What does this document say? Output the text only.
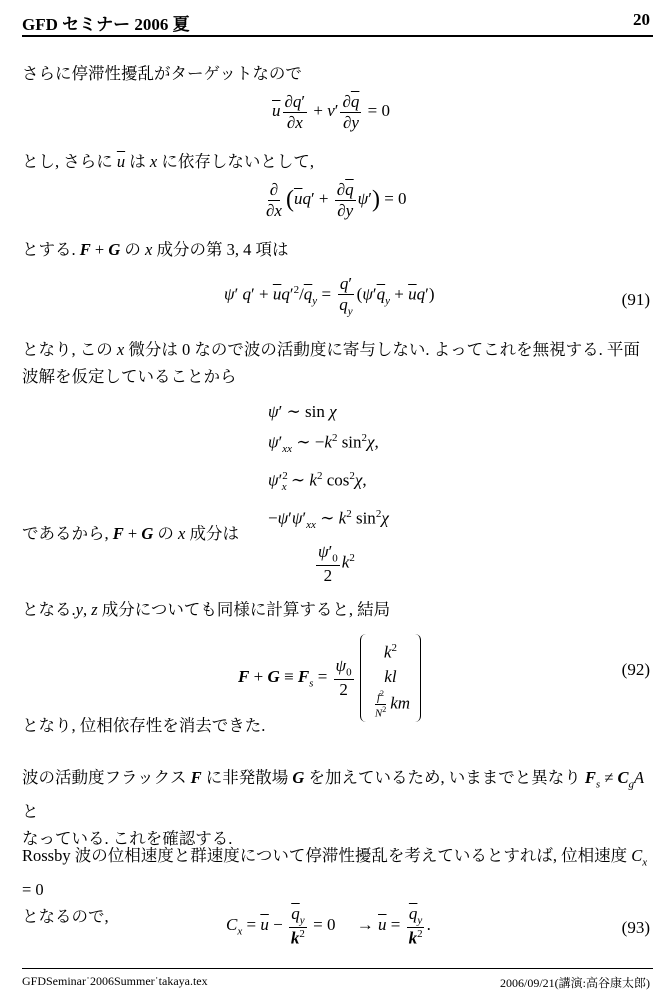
GFD セミナー 2006 夏	20
さらに停滞性擾乱がターゲットなので
$\overline{u} \frac{\partial q'}{\partial x} + v' \frac{\partial\overline{q}}{\partial y} = 0$
とし, さらに $\overline{u}$ は x に依存しないとして,
$\frac{\partial}{\partial x} (\overline{u}q' + \frac{\partial\overline{q}}{\partial y} \psi') = 0$
とする. F + G の x 成分の第 3, 4 項は
ψ′ $q' + \overline{u}q'^2/\overline{q}_y = \frac{q'}{\overline{q}_y} (\psi'\overline{q}_y + \overline{u}q')$	(91)
となり, この x 微分は 0 なので波の活動度に寄与しない. よってこれを無視する. 平面波解を仮定していることから
ψ′ ∼ sin χ
$\psi'_{xx}$ ∼ $-k^2$ $\sin^2\chi$,
$\psi'^2_x$ ∼ $k^2$ $\cos^2\chi$,
$-\psi'\psi'_{xx}$ ∼ $k^2$ $\sin^2\chi$
であるから, F + G の x 成分は
$\frac{\psi'_0}{2} k^2$
となる.y, z 成分についても同様に計算すると, 結局
$F + G \equiv F_s = \frac{\psi_0}{2}$

$k^2$
kl
$\frac{f^2}{N^2}$ km
(92)
となり, 位相依存性を消去できた.
波の活動度フラックス F に非発散場 G を加えているため, いままでと異なり $F_s \ne C_gA$ と
なっている. これを確認する.
Rossby 波の位相速度と群速度について停滞性擾乱を考えているとすれば, 位相速度 $C_x = 0$
となるので,	$C_x = \overline{u} - \frac{\overline{q}_y}{k^2} = 0$     → $\overline{u} = \frac{\overline{q}_y}{k^2}$ .	(93)
GFDSeminar˙2006Summer˙takaya.tex	2006/09/21(講演:高谷康太郎)
